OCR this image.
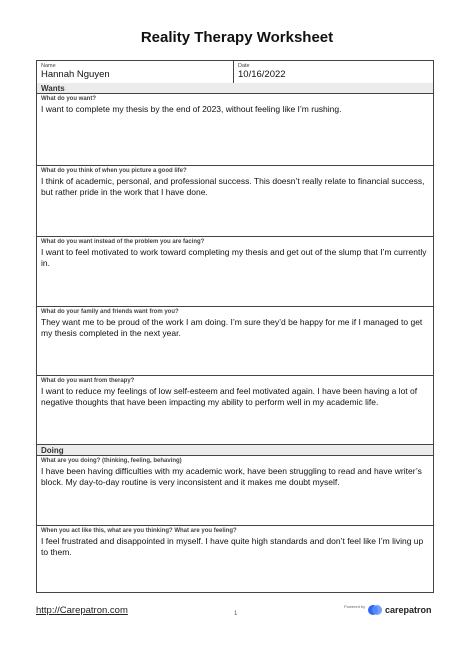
Reality Therapy Worksheet
Name
Hannah Nguyen
Date
10/16/2022
Wants
What do you want?
I want to complete my thesis by the end of 2023, without feeling like I’m rushing.
What do you think of when you picture a good life?
I think of academic, personal, and professional success. This doesn’t really relate to financial success, but rather pride in the work that I have done.
What do you want instead of the problem you are facing?
I want to feel motivated to work toward completing my thesis and get out of the slump that I’m currently in.
What do your family and friends want from you?
They want me to be proud of the work I am doing. I’m sure they’d be happy for me if I managed to get my thesis completed in the next year.
What do you want from therapy?
I want to reduce my feelings of low self-esteem and feel motivated again. I have been having a lot of negative thoughts that have been impacting my ability to perform well in my academic life.
Doing
What are you doing? (thinking, feeling, behaving)
I have been having difficulties with my academic work, have been struggling to read and have writer’s block. My day-to-day routine is very inconsistent and it makes me doubt myself.
When you act like this, what are you thinking? What are you feeling?
I feel frustrated and disappointed in myself. I have quite high standards and don’t feel like I’m living up to them.
http://Carepatron.com	1
Powered by carepatron
